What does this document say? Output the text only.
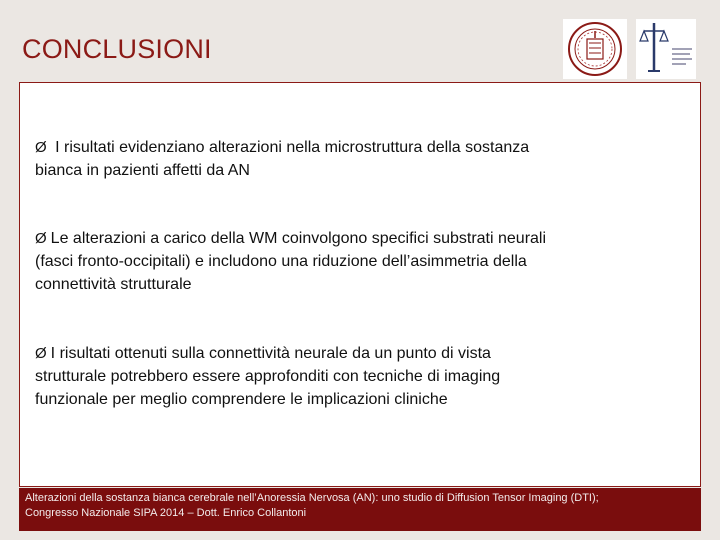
CONCLUSIONI
Ø I risultati evidenziano alterazioni nella microstruttura della sostanza
bianca in pazienti affetti da AN
Ø Le alterazioni a carico della WM coinvolgono specifici substrati neurali
(fasci fronto-occipitali) e includono una riduzione dell’asimmetria della
connettività strutturale
Ø I risultati ottenuti sulla connettività neurale da un punto di vista
strutturale potrebbero essere approfonditi con tecniche di imaging
funzionale per meglio comprendere le implicazioni cliniche
Alterazioni della sostanza bianca cerebrale nell’Anoressia Nervosa (AN): uno studio di Diffusion Tensor Imaging (DTI);
Congresso Nazionale SIPA 2014 – Dott. Enrico Collantoni
